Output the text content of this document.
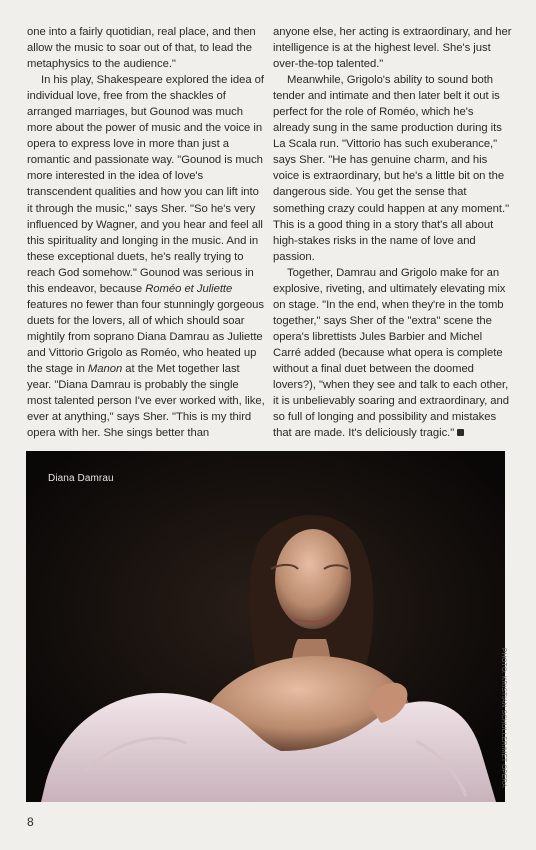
one into a fairly quotidian, real place, and then allow the music to soar out of that, to lead the metaphysics to the audience."

In his play, Shakespeare explored the idea of individual love, free from the shackles of arranged marriages, but Gounod was much more about the power of music and the voice in opera to express love in more than just a romantic and passionate way. "Gounod is much more interested in the idea of love's transcendent qualities and how you can lift into it through the music," says Sher. "So he's very influenced by Wagner, and you hear and feel all this spirituality and longing in the music. And in these exceptional duets, he's really trying to reach God somehow." Gounod was serious in this endeavor, because Roméo et Juliette features no fewer than four stunningly gorgeous duets for the lovers, all of which should soar mightily from soprano Diana Damrau as Juliette and Vittorio Grigolo as Roméo, who heated up the stage in Manon at the Met together last year. "Diana Damrau is probably the single most talented person I've ever worked with, like, ever at anything," says Sher. "This is my third opera with her. She sings better than

anyone else, her acting is extraordinary, and her intelligence is at the highest level. She's just over-the-top talented."

Meanwhile, Grigolo's ability to sound both tender and intimate and then later belt it out is perfect for the role of Roméo, which he's already sung in the same production during its La Scala run. "Vittorio has such exuberance," says Sher. "He has genuine charm, and his voice is extraordinary, but he's a little bit on the dangerous side. You get the sense that something crazy could happen at any moment." This is a good thing in a story that's all about high-stakes risks in the name of love and passion.

Together, Damrau and Grigolo make for an explosive, riveting, and ultimately elevating mix on stage. "In the end, when they're in the tomb together," says Sher of the "extra" scene the opera's librettists Jules Barbier and Michel Carré added (because what opera is complete without a final duet between the doomed lovers?), "when they see and talk to each other, it is unbelievably soaring and extraordinary, and so full of longing and possibility and mistakes that are made. It's deliciously tragic."

Diana Damrau
PHOTO: KRISTIAN SCHULLER/MET OPERA
8
